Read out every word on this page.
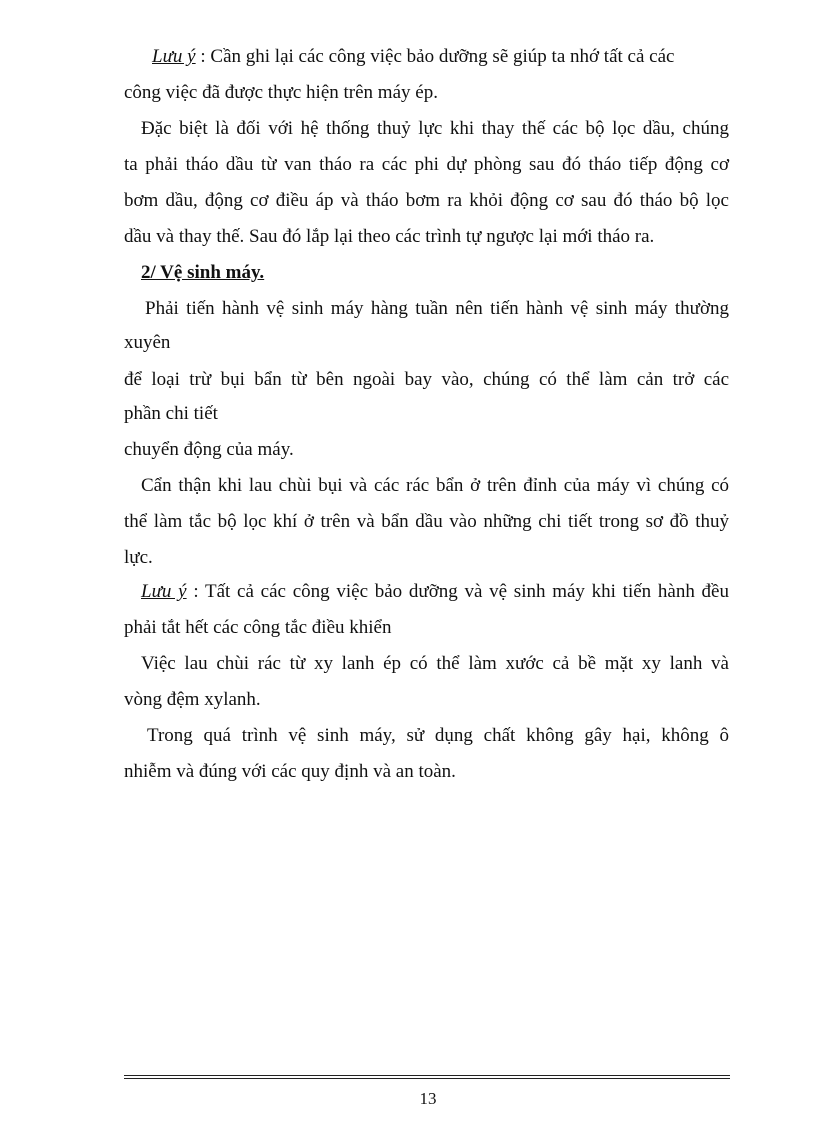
Lưu ý : Cần ghi lại các công việc bảo dưỡng sẽ giúp ta nhớ tất cả các
công việc đã được thực hiện trên máy ép.
Đặc biệt là đối với hệ thống thuỷ lực khi thay thế các bộ lọc dầu, chúng
ta phải tháo dầu từ van tháo ra các phi dự phòng sau đó tháo tiếp động cơ
bơm dầu, động cơ điều áp và tháo bơm ra khỏi động cơ sau đó tháo bộ lọc
dầu và thay thế. Sau đó lắp lại theo các trình tự ngược lại mới tháo ra.
2/ Vệ sinh máy.
Phải tiến hành vệ sinh máy hàng tuần nên tiến hành vệ sinh máy thường
xuyên
để loại trừ bụi bẩn từ bên ngoài bay vào, chúng có thể làm cản trở các
phần chi tiết
chuyển động của máy.
Cẩn thận khi lau chùi bụi và các rác bẩn ở trên đỉnh của máy vì chúng có
thể làm tắc bộ lọc khí ở trên và bẩn dầu vào những chi tiết trong sơ đồ thuỷ
lực.
Lưu ý : Tất cả các công việc bảo dưỡng và vệ sinh máy khi tiến hành đều
phải tắt hết các công tắc điều khiển
Việc lau chùi rác từ xy lanh ép có thể làm xước cả bề mặt xy lanh và
vòng đệm xylanh.
Trong quá trình vệ sinh máy, sử dụng chất không gây hại, không ô
nhiễm và đúng với các quy định và an toàn.
13
